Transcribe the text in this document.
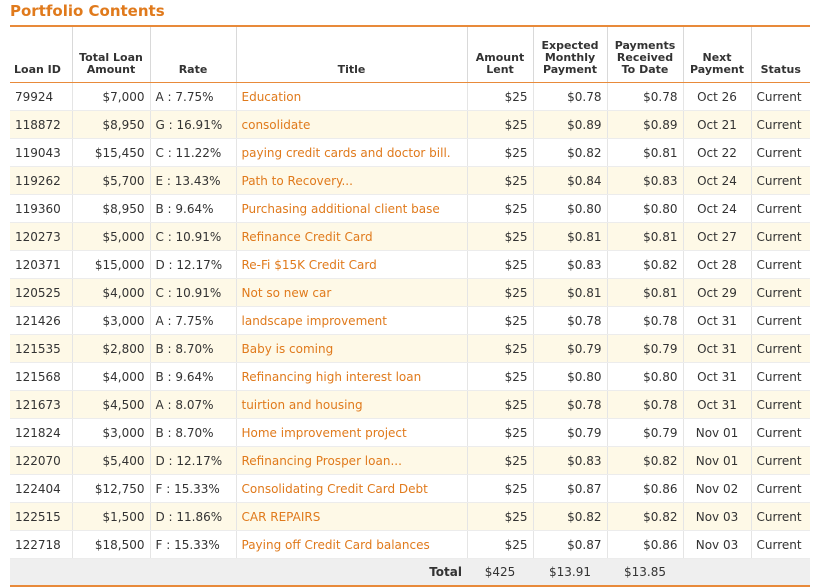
Portfolio Contents
Loan ID	Total Loan Amount	Rate	Title	Amount Lent	Expected Monthly Payment	Payments Received To Date	Next Payment	Status
79924	$7,000	A : 7.75%	Education	$25	$0.78	$0.78	Oct 26	Current
118872	$8,950	G : 16.91%	consolidate	$25	$0.89	$0.89	Oct 21	Current
119043	$15,450	C : 11.22%	paying credit cards and doctor bill.	$25	$0.82	$0.81	Oct 22	Current
119262	$5,700	E : 13.43%	Path to Recovery...	$25	$0.84	$0.83	Oct 24	Current
119360	$8,950	B : 9.64%	Purchasing additional client base	$25	$0.80	$0.80	Oct 24	Current
120273	$5,000	C : 10.91%	Refinance Credit Card	$25	$0.81	$0.81	Oct 27	Current
120371	$15,000	D : 12.17%	Re-Fi $15K Credit Card	$25	$0.83	$0.82	Oct 28	Current
120525	$4,000	C : 10.91%	Not so new car	$25	$0.81	$0.81	Oct 29	Current
121426	$3,000	A : 7.75%	landscape improvement	$25	$0.78	$0.78	Oct 31	Current
121535	$2,800	B : 8.70%	Baby is coming	$25	$0.79	$0.79	Oct 31	Current
121568	$4,000	B : 9.64%	Refinancing high interest loan	$25	$0.80	$0.80	Oct 31	Current
121673	$4,500	A : 8.07%	tuirtion and housing	$25	$0.78	$0.78	Oct 31	Current
121824	$3,000	B : 8.70%	Home improvement project	$25	$0.79	$0.79	Nov 01	Current
122070	$5,400	D : 12.17%	Refinancing Prosper loan...	$25	$0.83	$0.82	Nov 01	Current
122404	$12,750	F : 15.33%	Consolidating Credit Card Debt	$25	$0.87	$0.86	Nov 02	Current
122515	$1,500	D : 11.86%	CAR REPAIRS	$25	$0.82	$0.82	Nov 03	Current
122718	$18,500	F : 15.33%	Paying off Credit Card balances	$25	$0.87	$0.86	Nov 03	Current
			Total	$425	$13.91	$13.85		
